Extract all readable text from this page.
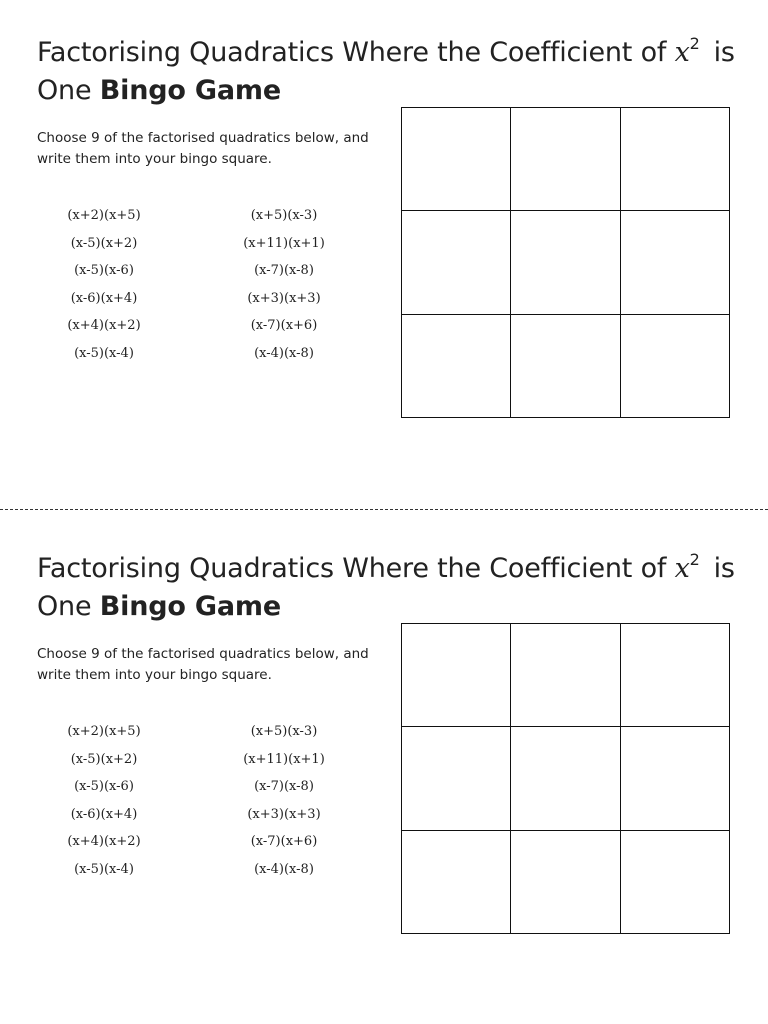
Factorising Quadratics Where the Coefficient of $x^2$ is
One Bingo Game

Choose 9 of the factorised quadratics below, and write them into your bingo square.

(x+2)(x+5)
(x-5)(x+2)
(x-5)(x-6)
(x-6)(x+4)
(x+4)(x+2)
(x-5)(x-4)
(x+5)(x-3)
(x+11)(x+1)
(x-7)(x-8)
(x+3)(x+3)
(x-7)(x+6)
(x-4)(x-8)
Factorising Quadratics Where the Coefficient of $x^2$ is
One Bingo Game

Choose 9 of the factorised quadratics below, and write them into your bingo square.

(x+2)(x+5)
(x-5)(x+2)
(x-5)(x-6)
(x-6)(x+4)
(x+4)(x+2)
(x-5)(x-4)
(x+5)(x-3)
(x+11)(x+1)
(x-7)(x-8)
(x+3)(x+3)
(x-7)(x+6)
(x-4)(x-8)
